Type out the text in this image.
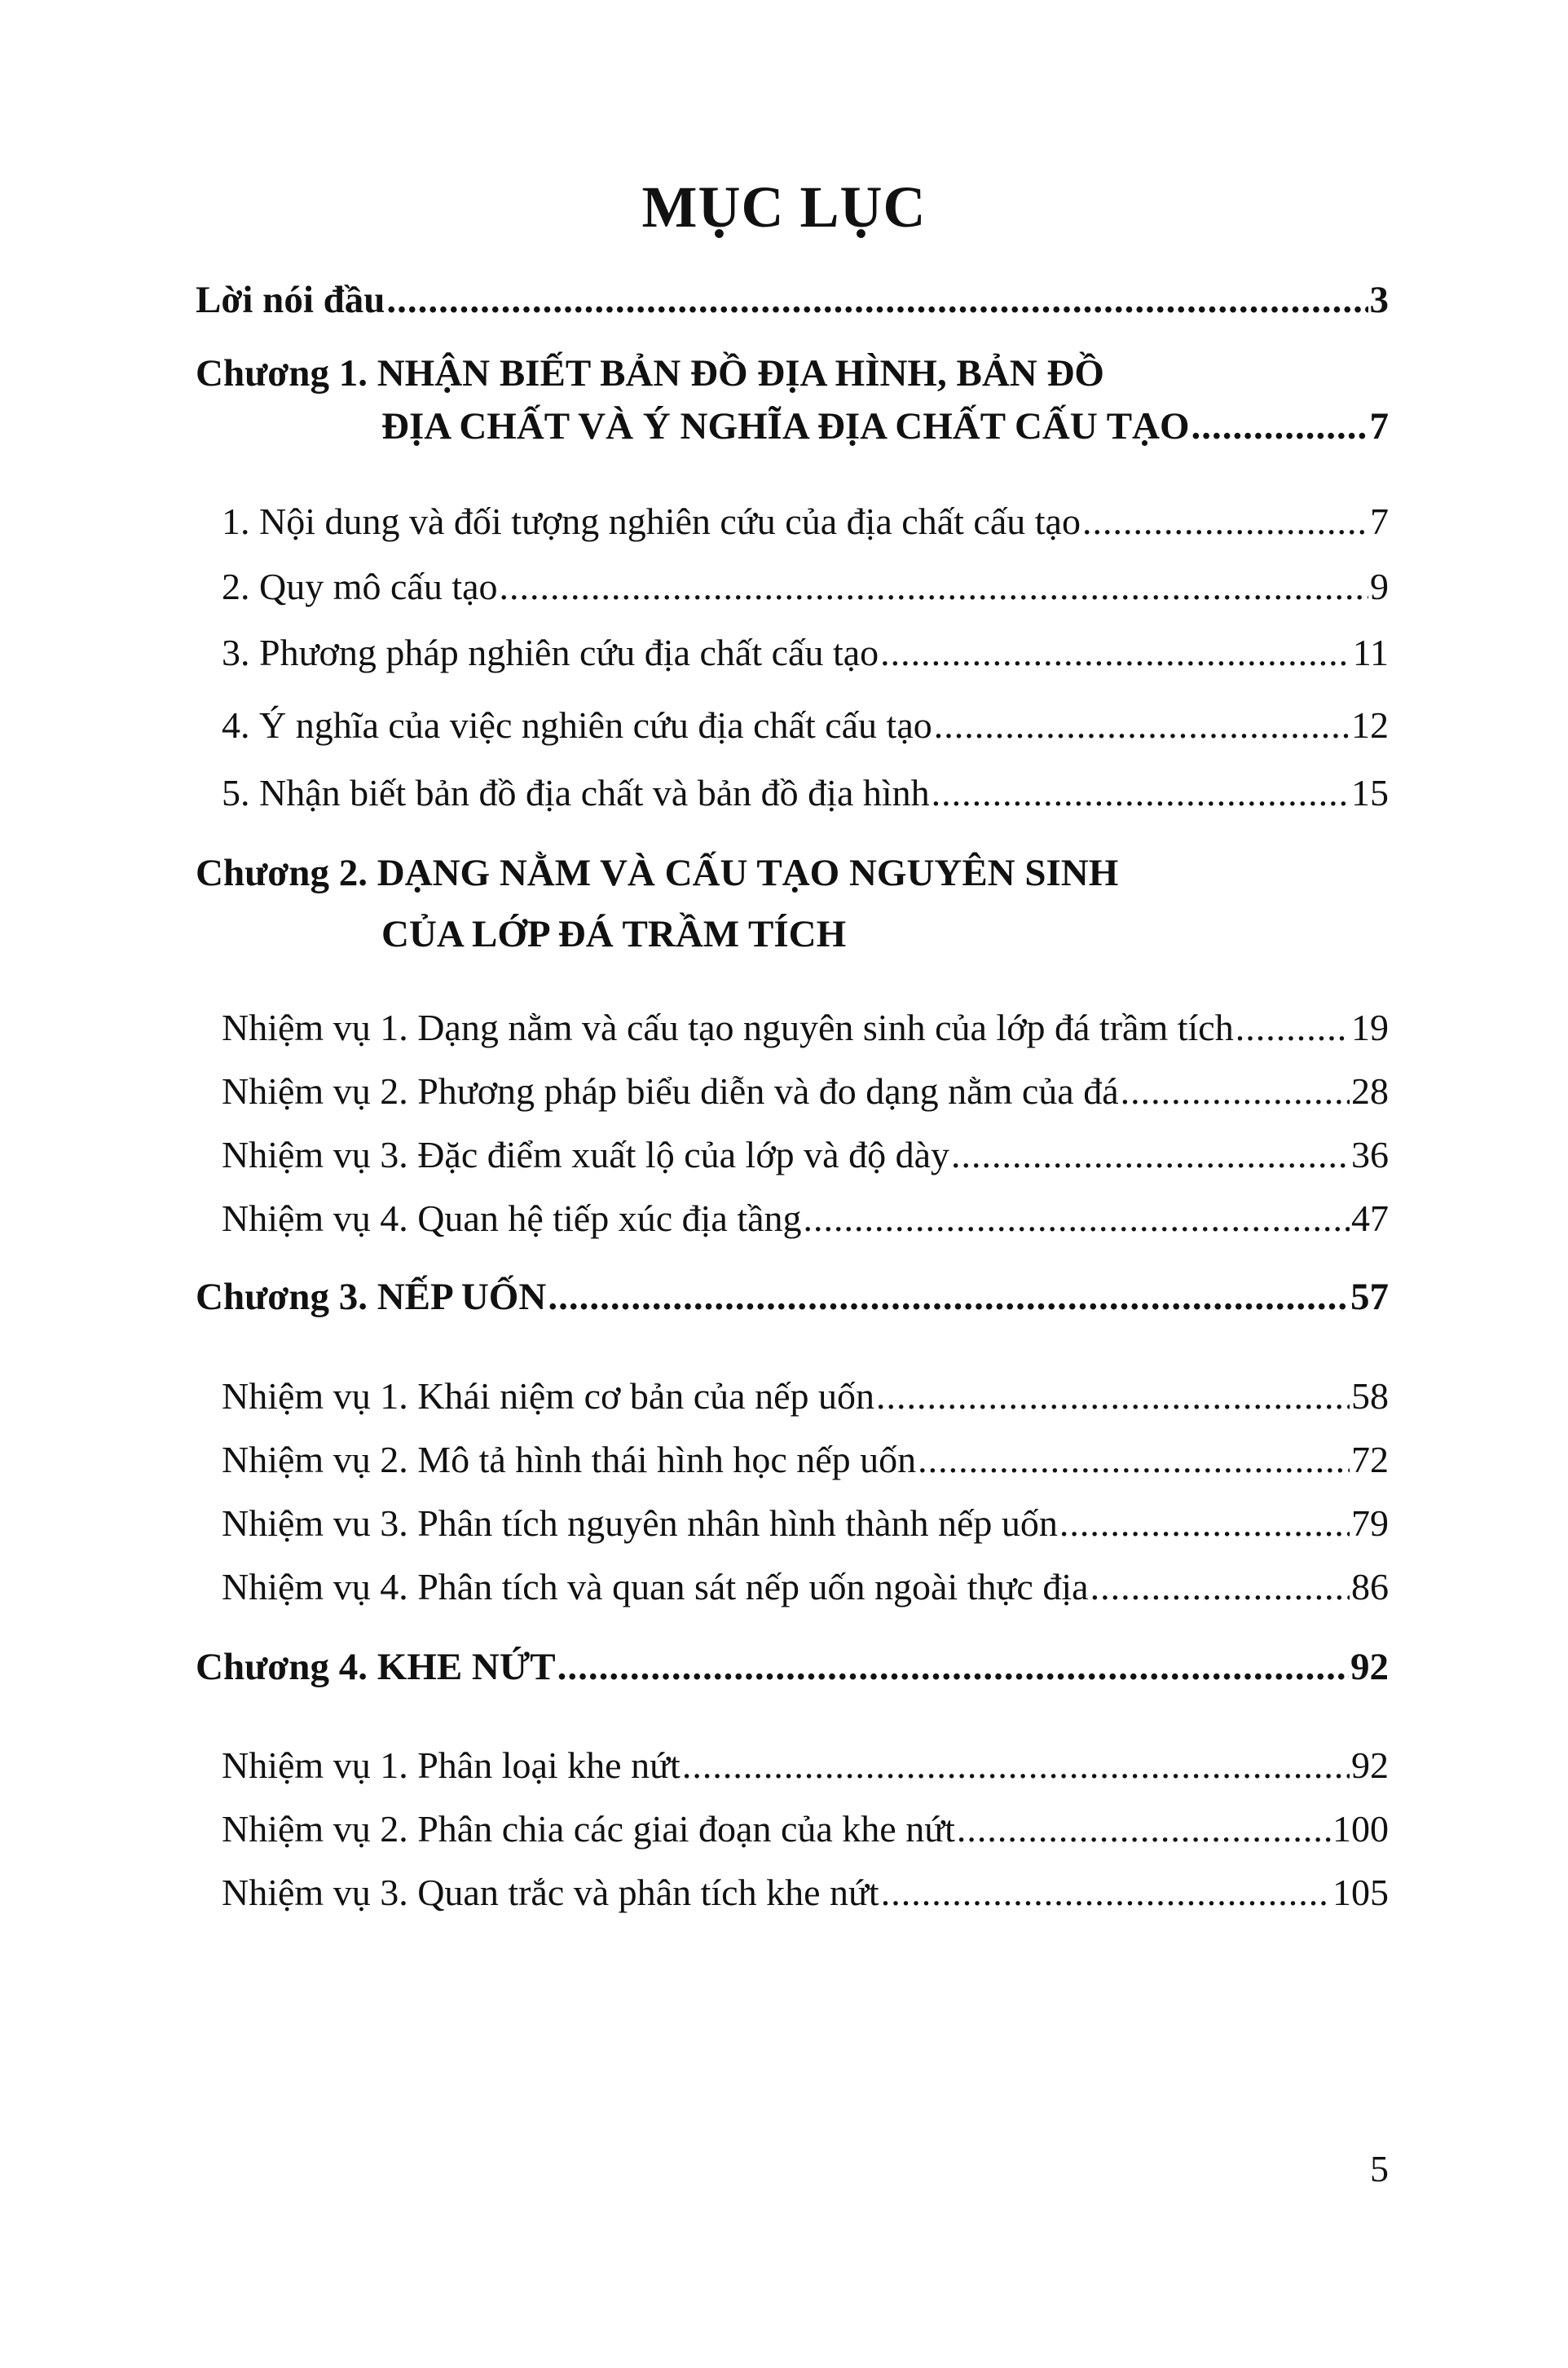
MỤC LỤC
Lời nói đầu .....	3
Chương 1. NHẬN BIẾT BẢN ĐỒ ĐỊA HÌNH, BẢN ĐỒ
ĐỊA CHẤT VÀ Ý NGHĨA ĐỊA CHẤT CẤU TẠO .....	7
1. Nội dung và đối tượng nghiên cứu của địa chất cấu tạo .....	7
2. Quy mô cấu tạo .....	9
3. Phương pháp nghiên cứu địa chất cấu tạo .....	11
4. Ý nghĩa của việc nghiên cứu địa chất cấu tạo .....	12
5. Nhận biết bản đồ địa chất và bản đồ địa hình .....	15
Chương 2. DẠNG NẰM VÀ CẤU TẠO NGUYÊN SINH
CỦA LỚP ĐÁ TRẦM TÍCH
Nhiệm vụ 1. Dạng nằm và cấu tạo nguyên sinh của lớp đá trầm tích .....	19
Nhiệm vụ 2. Phương pháp biểu diễn và đo dạng nằm của đá .....	28
Nhiệm vụ 3. Đặc điểm xuất lộ của lớp và độ dày .....	36
Nhiệm vụ 4. Quan hệ tiếp xúc địa tầng .....	47
Chương 3. NẾP UỐN .....	57
Nhiệm vụ 1. Khái niệm cơ bản của nếp uốn .....	58
Nhiệm vụ 2. Mô tả hình thái hình học nếp uốn .....	72
Nhiệm vu 3. Phân tích nguyên nhân hình thành nếp uốn .....	79
Nhiệm vụ 4. Phân tích và quan sát nếp uốn ngoài thực địa .....	86
Chương 4. KHE NỨT .....	92
Nhiệm vụ 1. Phân loại khe nứt .....	92
Nhiệm vụ 2. Phân chia các giai đoạn của khe nứt .....	100
Nhiệm vụ 3. Quan trắc và phân tích khe nứt .....	105
5
